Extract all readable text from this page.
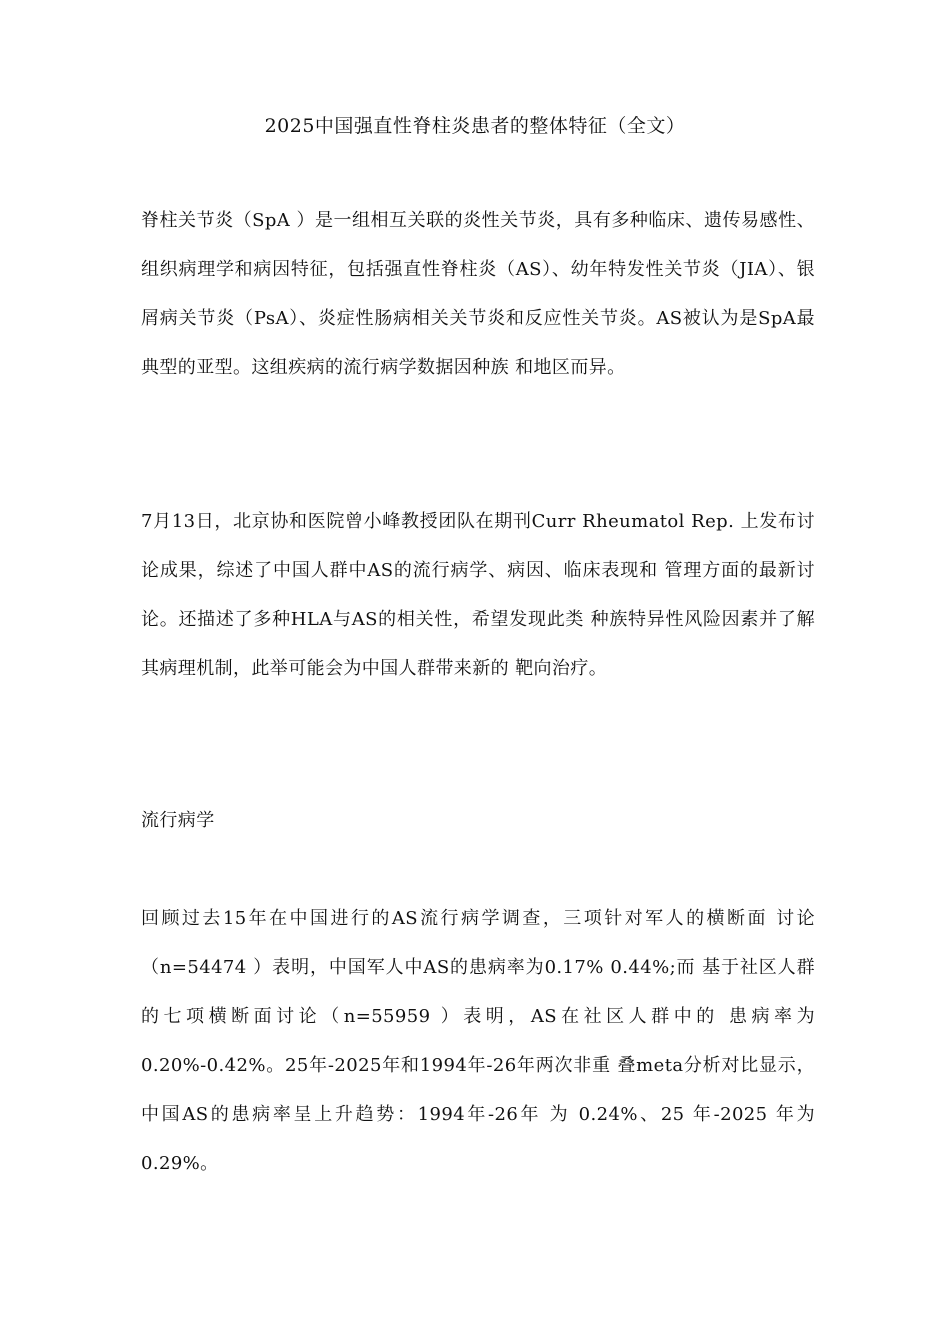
2025中国强直性脊柱炎患者的整体特征（全文）

脊柱关节炎（SpA ）是一组相互关联的炎性关节炎，具有多种临床、遗传易感性、组织病理学和病因特征，包括强直性脊柱炎（AS）、幼年特发性关节炎（JIA）、银屑病关节炎（PsA）、炎症性肠病相关关节炎和反应性关节炎。AS被认为是SpA最典型的亚型。这组疾病的流行病学数据因种族 和地区而异。

7月13日，北京协和医院曾小峰教授团队在期刊Curr Rheumatol Rep. 上发布讨论成果，综述了中国人群中AS的流行病学、病因、临床表现和 管理方面的最新讨论。还描述了多种HLA与AS的相关性，希望发现此类 种族特异性风险因素并了解其病理机制，此举可能会为中国人群带来新的 靶向治疗。

流行病学

回顾过去15年在中国进行的AS流行病学调查，三项针对军人的横断面 讨论（n=54474 ）表明，中国军人中AS的患病率为0.17% 0.44%;而 基于社区人群的七项横断面讨论（n=55959 ）表明，AS在社区人群中的 患病率为0.20%-0.42%。25年-2025年和1994年-26年两次非重 叠meta分析对比显示，中国AS的患病率呈上升趋势：1994年-26年 为 0.24%、25 年-2025 年为 0.29%。
